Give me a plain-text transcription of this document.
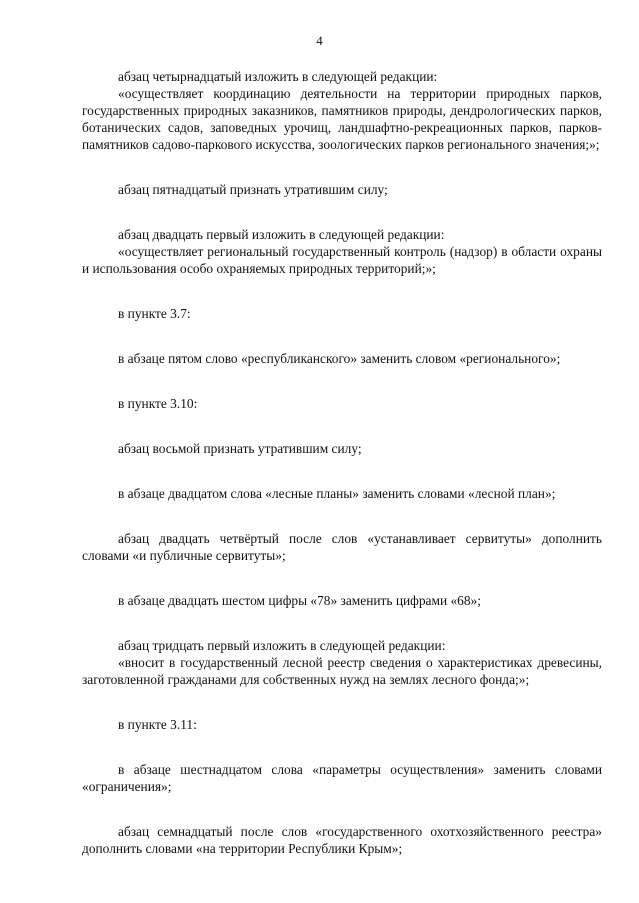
4

абзац четырнадцатый изложить в следующей редакции:

«осуществляет координацию деятельности на территории природных парков, государственных природных заказников, памятников природы, дендрологических парков, ботанических садов, заповедных урочищ, ландшафтно-рекреационных парков, парков-памятников садово-паркового искусства, зоологических парков регионального значения;»;

абзац пятнадцатый признать утратившим силу;

абзац двадцать первый изложить в следующей редакции:

«осуществляет региональный государственный контроль (надзор) в области охраны и использования особо охраняемых природных территорий;»;

в пункте 3.7:

в абзаце пятом слово «республиканского» заменить словом «регионального»;

в пункте 3.10:

абзац восьмой признать утратившим силу;

в абзаце двадцатом слова «лесные планы» заменить словами «лесной план»;

абзац двадцать четвёртый после слов «устанавливает сервитуты» дополнить словами «и публичные сервитуты»;

в абзаце двадцать шестом цифры «78» заменить цифрами «68»;

абзац тридцать первый изложить в следующей редакции:

«вносит в государственный лесной реестр сведения о характеристиках древесины, заготовленной гражданами для собственных нужд на землях лесного фонда;»;

в пункте 3.11:

в абзаце шестнадцатом слова «параметры осуществления» заменить словами «ограничения»;

абзац семнадцатый после слов «государственного охотхозяйственного реестра» дополнить словами «на территории Республики Крым»;
